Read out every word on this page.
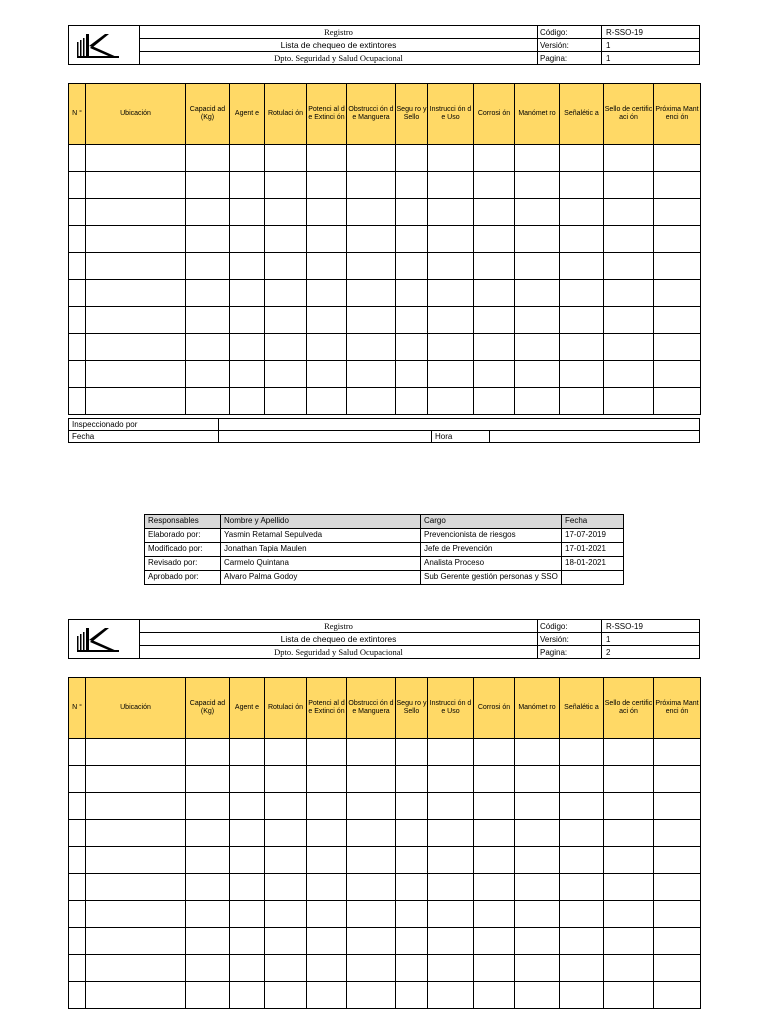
	Registro	Código:	R-SSO-19
	Lista de chequeo de extintores	Versión:	1
	Dpto. Seguridad y Salud Ocupacional	Pagina:	1
N °	Ubicación	Capacid ad (Kg)	Agent e	Rotulaci ón	Potenci al de Extinci ón	Obstrucci ón de Manguera	Segu ro y Sello	Instrucci ón de Uso	Corrosi ón	Manómet ro	Señalétic a	Sello de certificaci ón	Próxima Mantenci ón

Inspeccionado por			
Fecha		Hora	
Responsables	Nombre y Apellido	Cargo	Fecha
Elaborado por:	Yasmin Retamal Sepulveda	Prevencionista de riesgos	17-07-2019
Modificado por:	Jonathan Tapia Maulen	Jefe de Prevención	17-01-2021
Revisado por:	Carmelo Quintana	Analista Proceso	18-01-2021
Aprobado por:	Alvaro Palma Godoy	Sub Gerente gestión personas y SSO	
	Registro	Código:	R-SSO-19
	Lista de chequeo de extintores	Versión:	1
	Dpto. Seguridad y Salud Ocupacional	Pagina:	2
N °	Ubicación	Capacid ad (Kg)	Agent e	Rotulaci ón	Potenci al de Extinci ón	Obstrucci ón de Manguera	Segu ro y Sello	Instrucci ón de Uso	Corrosi ón	Manómet ro	Señalétic a	Sello de certificaci ón	Próxima Mantenci ón
